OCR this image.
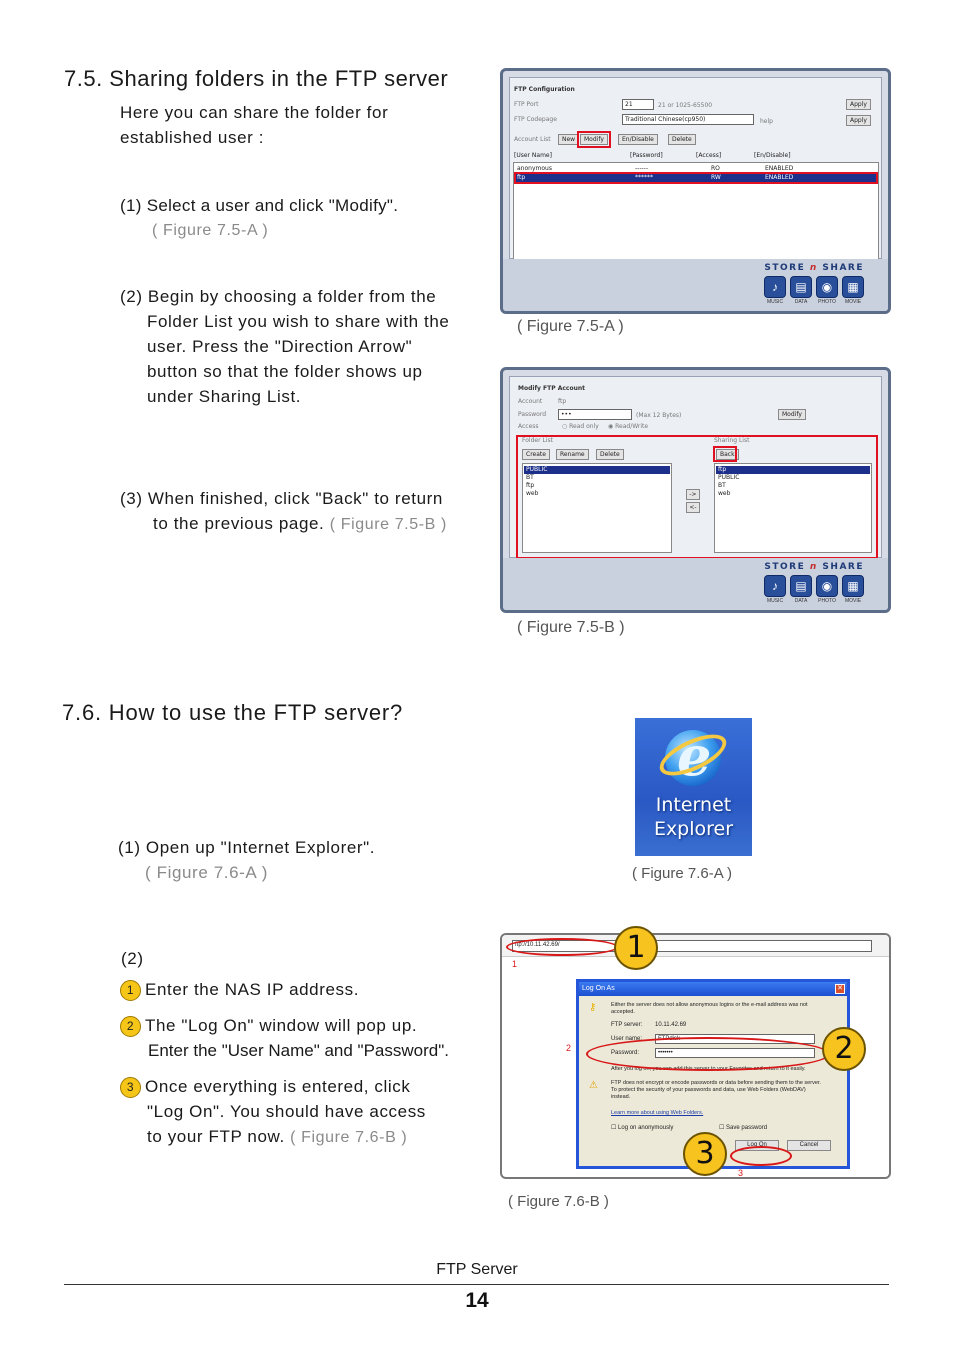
7.5. Sharing folders in the FTP server
Here you can share the folder for
established user :
(1) Select a user and click "Modify".
( Figure 7.5-A )
(2) Begin by choosing a folder from the
Folder List you wish to share with the
user. Press the "Direction Arrow"
button so that the folder shows up
under Sharing List.
(3) When finished, click "Back" to return
to the previous page. ( Figure 7.5-B )
FTP Configuration
FTP Port	21	21 or 1025-65500	Apply
FTP Codepage	Traditional Chinese(cp950)	help	Apply
Account List	New	Modify	En/Disable	Delete
[User Name]	[Password]	[Access]	[En/Disable]
anonymous	------	RO	ENABLED
ftp	******	RW	ENABLED
STORE n SHARE
♪	▤	◉	▦
MUSIC	DATA	PHOTO	MOVIE
( Figure 7.5-A )
Modify FTP Account
Account	ftp
Password	•••	(Max 12 Bytes)
Access	○ Read only ◉ Read/Write
Modify
Folder List	Sharing List
Create	Rename	Delete	Back
PUBLIC
BT
ftp
web	->
<-
ftp
PUBLIC
BT
web
STORE n SHARE
♪	▤	◉	▦
MUSIC	DATA	PHOTO	MOVIE
( Figure 7.5-B )
7.6. How to use the FTP server?
e
Internet
Explorer
( Figure 7.6-A )
(1) Open up "Internet Explorer".
( Figure 7.6-A )
(2)
1 Enter the NAS IP address.
2 The "Log On" window will pop up.
Enter the "User Name" and "Password".
3 Once everything is entered, click
"Log On". You should have access
to your FTP now. ( Figure 7.6-B )
ftp://10.11.42.69/
1
Log On As	✕
⚷	Either the server does not allow anonymous logins or the e-mail address was not accepted.
FTP server: 10.11.42.69
User name:	FTPdisk
Password:	•••••••
After you log on, you can add this server to your Favorites and return to it easily.
⚠ FTP does not encrypt or encode passwords or data before sending them to the server. To protect the security of your passwords and data, use Web Folders (WebDAV) instead.
Learn more about using Web Folders.
☐ Log on anonymously	☐ Save password
Log On	Cancel
2
3
1
2
3
( Figure 7.6-B )
FTP Server
14
